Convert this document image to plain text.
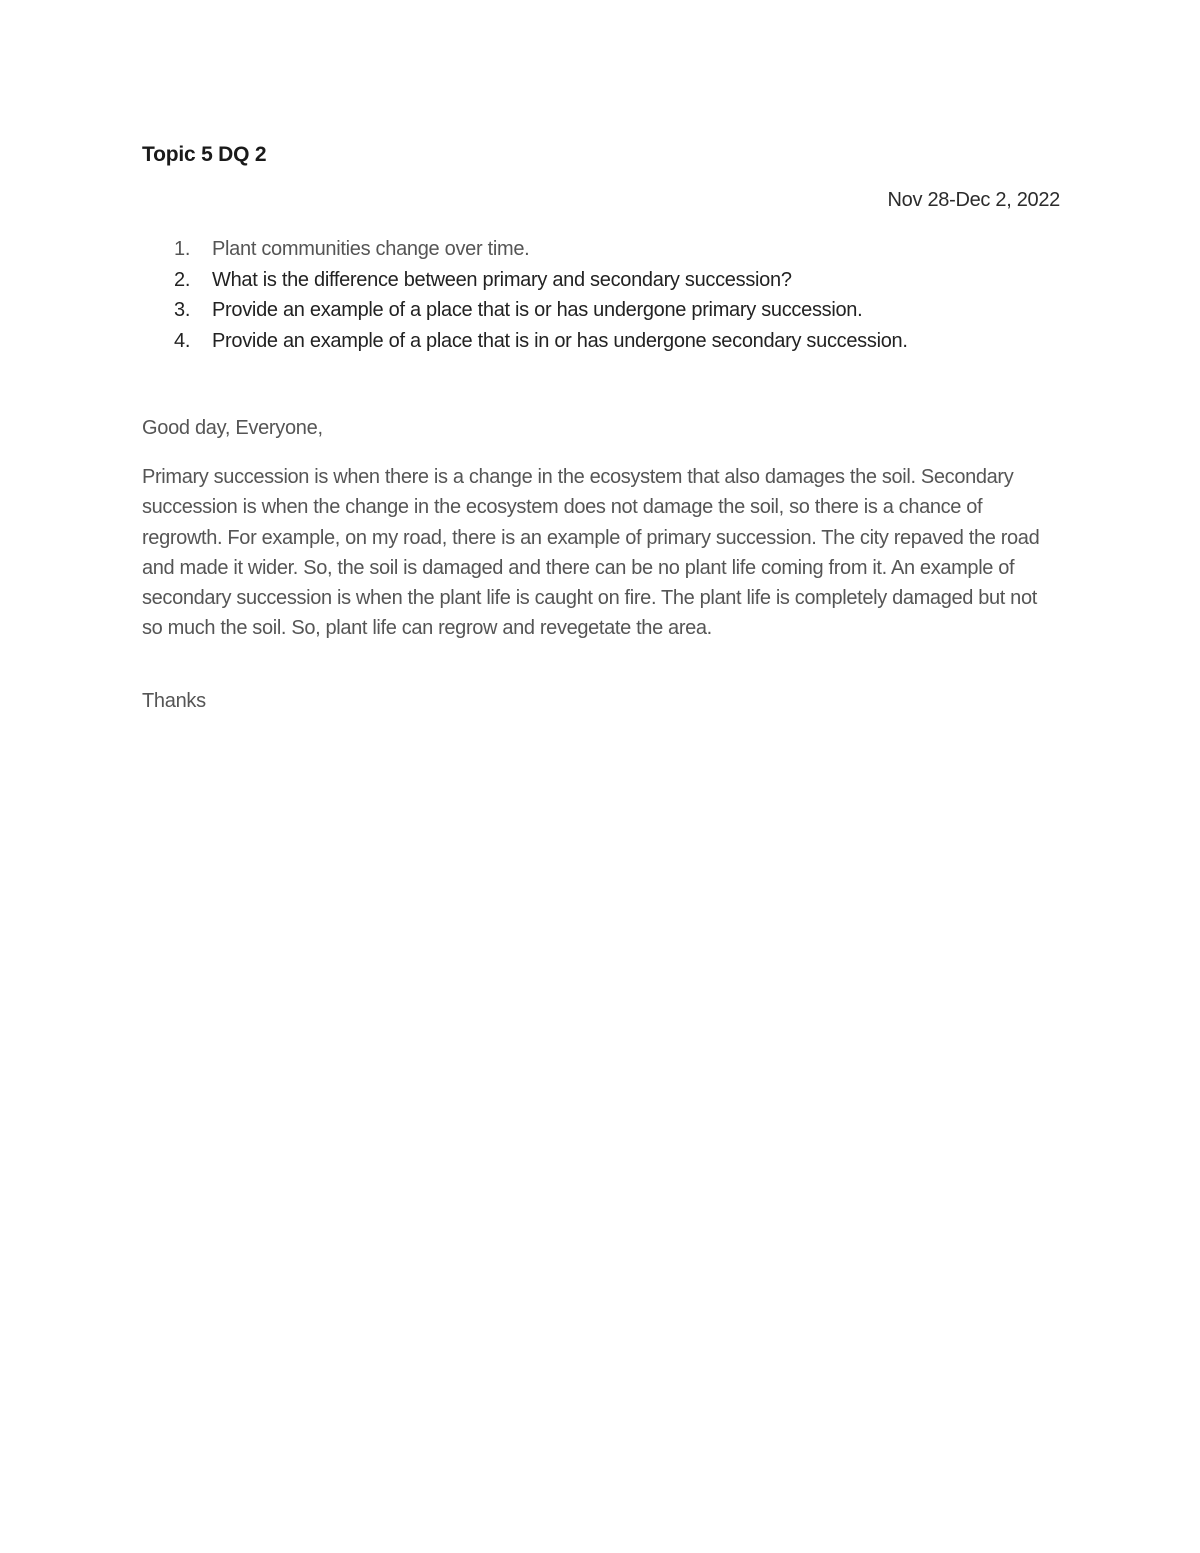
Topic 5 DQ 2

Nov 28-Dec 2, 2022

1.	Plant communities change over time.
2.	What is the difference between primary and secondary succession?
3.	Provide an example of a place that is or has undergone primary succession.
4.	Provide an example of a place that is in or has undergone secondary succession.

Good day, Everyone,

Primary succession is when there is a change in the ecosystem that also damages the soil. Secondary succession is when the change in the ecosystem does not damage the soil, so there is a chance of regrowth. For example, on my road, there is an example of primary succession. The city repaved the road and made it wider. So, the soil is damaged and there can be no plant life coming from it. An example of secondary succession is when the plant life is caught on fire. The plant life is completely damaged but not so much the soil. So, plant life can regrow and revegetate the area.

Thanks
